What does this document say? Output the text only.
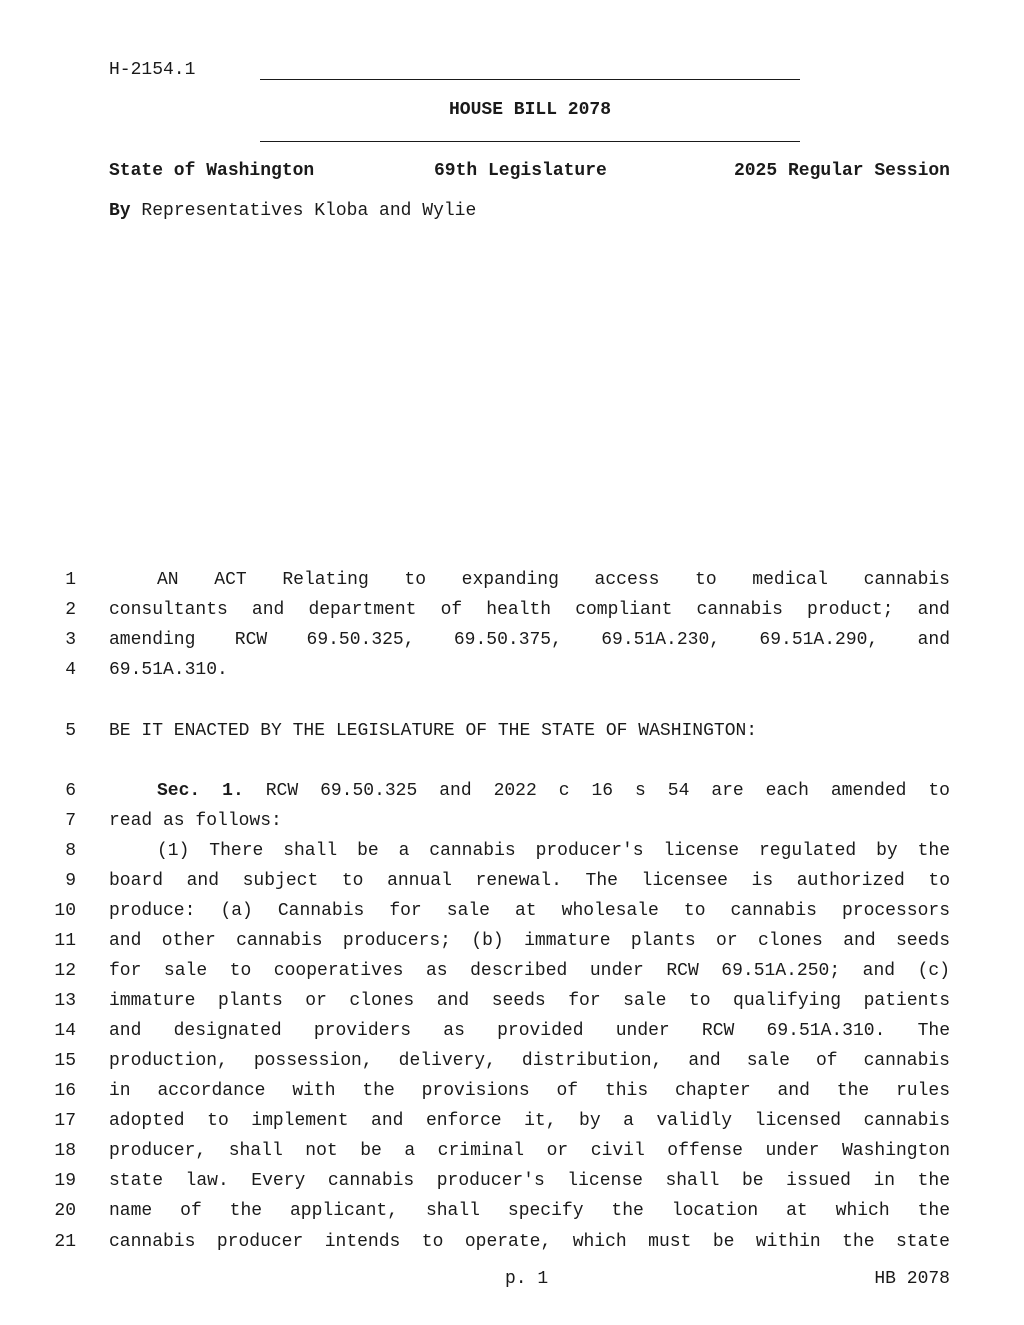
H-2154.1
HOUSE BILL 2078
State of Washington	69th Legislature	2025 Regular Session
By Representatives Kloba and Wylie
1	AN ACT Relating to expanding access to medical cannabis
2 consultants and department of health compliant cannabis product; and
3 amending RCW 69.50.325, 69.50.375, 69.51A.230, 69.51A.290, and
4 69.51A.310.
5 BE IT ENACTED BY THE LEGISLATURE OF THE STATE OF WASHINGTON:
6	Sec. 1. RCW 69.50.325 and 2022 c 16 s 54 are each amended to
7 read as follows:
8	(1) There shall be a cannabis producer's license regulated by the
9 board and subject to annual renewal. The licensee is authorized to
10 produce: (a) Cannabis for sale at wholesale to cannabis processors
11 and other cannabis producers; (b) immature plants or clones and seeds
12 for sale to cooperatives as described under RCW 69.51A.250; and (c)
13 immature plants or clones and seeds for sale to qualifying patients
14 and designated providers as provided under RCW 69.51A.310. The
15 production, possession, delivery, distribution, and sale of cannabis
16 in accordance with the provisions of this chapter and the rules
17 adopted to implement and enforce it, by a validly licensed cannabis
18 producer, shall not be a criminal or civil offense under Washington
19 state law. Every cannabis producer's license shall be issued in the
20 name of the applicant, shall specify the location at which the
21 cannabis producer intends to operate, which must be within the state
p. 1	HB 2078
